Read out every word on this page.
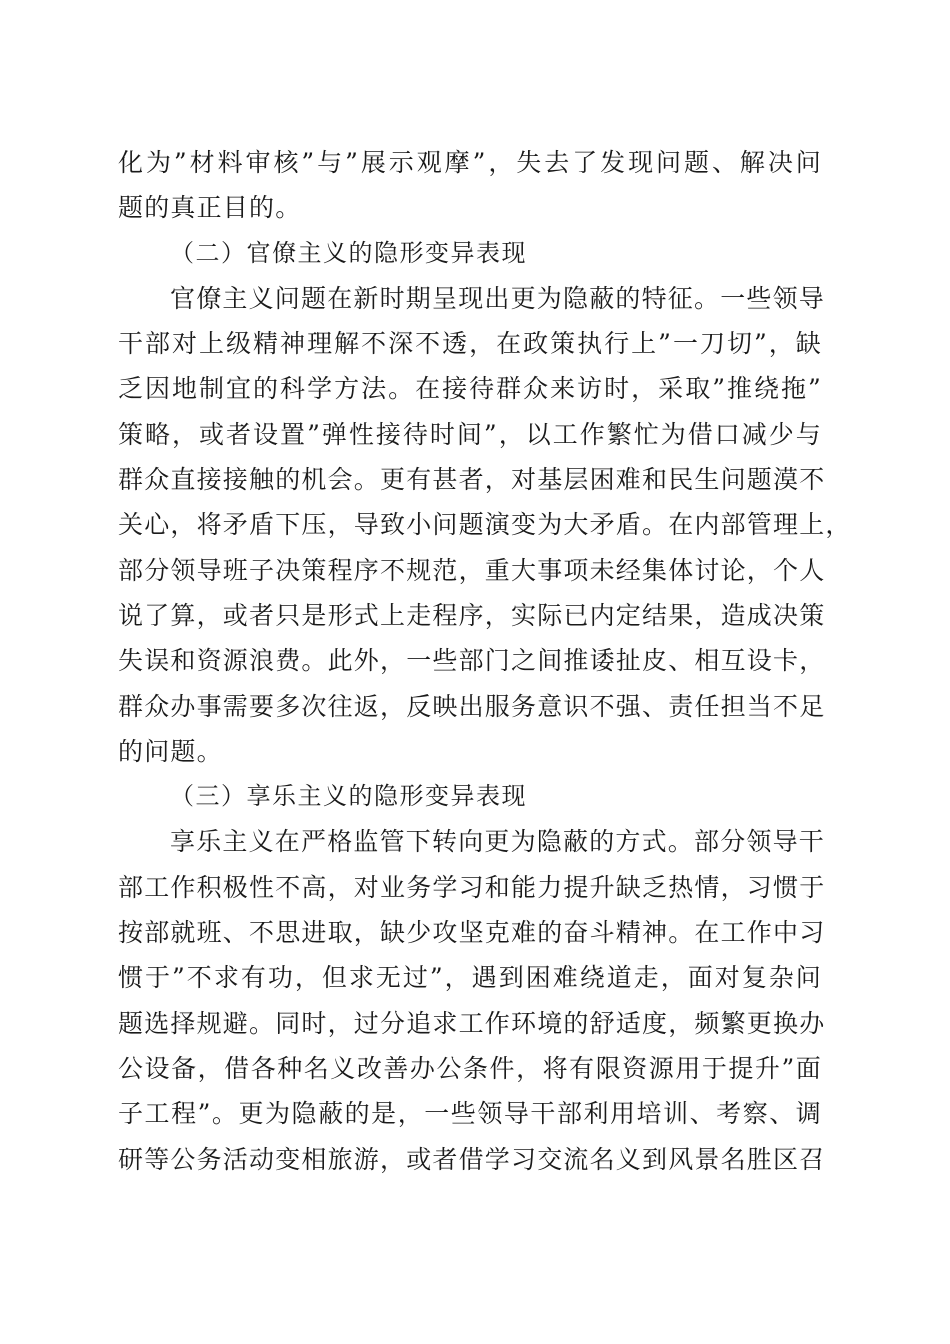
化为”材料审核”与”展示观摩”，失去了发现问题、解决问
题的真正目的。
（二）官僚主义的隐形变异表现
官僚主义问题在新时期呈现出更为隐蔽的特征。一些领导
干部对上级精神理解不深不透，在政策执行上”一刀切”，缺
乏因地制宜的科学方法。在接待群众来访时，采取”推绕拖”
策略，或者设置”弹性接待时间”，以工作繁忙为借口减少与
群众直接接触的机会。更有甚者，对基层困难和民生问题漠不
关心，将矛盾下压，导致小问题演变为大矛盾。在内部管理上，
部分领导班子决策程序不规范，重大事项未经集体讨论，个人
说了算，或者只是形式上走程序，实际已内定结果，造成决策
失误和资源浪费。此外，一些部门之间推诿扯皮、相互设卡，
群众办事需要多次往返，反映出服务意识不强、责任担当不足
的问题。
（三）享乐主义的隐形变异表现
享乐主义在严格监管下转向更为隐蔽的方式。部分领导干
部工作积极性不高，对业务学习和能力提升缺乏热情，习惯于
按部就班、不思进取，缺少攻坚克难的奋斗精神。在工作中习
惯于”不求有功，但求无过”，遇到困难绕道走，面对复杂问
题选择规避。同时，过分追求工作环境的舒适度，频繁更换办
公设备，借各种名义改善办公条件，将有限资源用于提升”面
子工程”。更为隐蔽的是，一些领导干部利用培训、考察、调
研等公务活动变相旅游，或者借学习交流名义到风景名胜区召
